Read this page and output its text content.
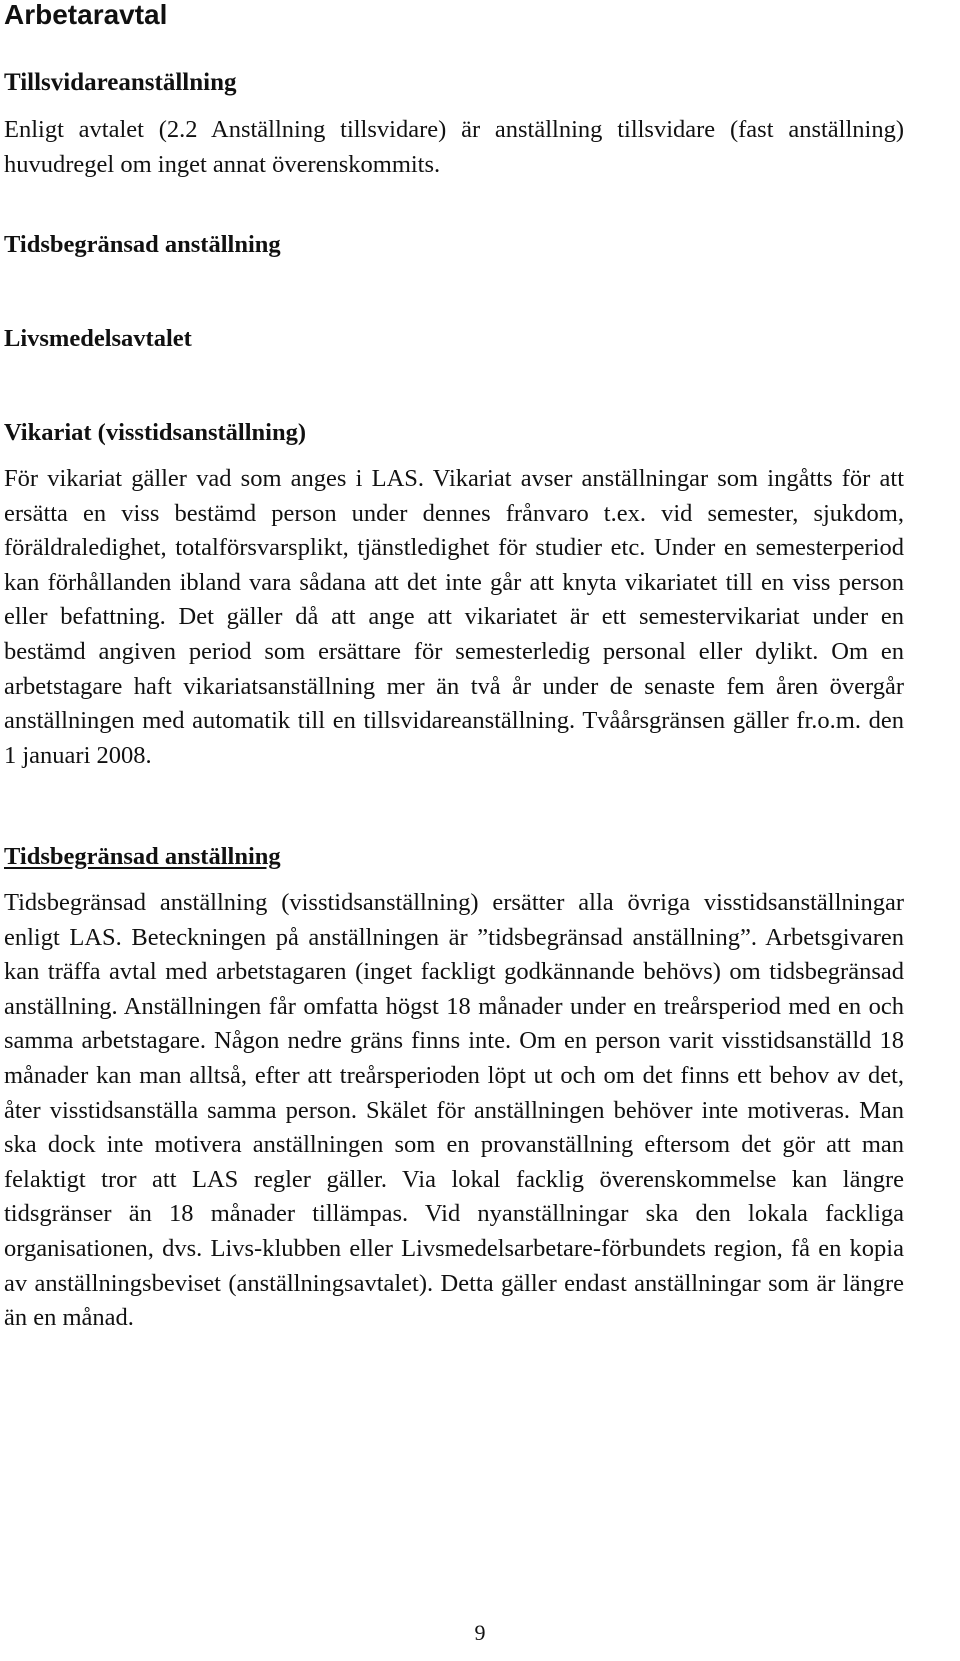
Arbetaravtal
Tillsvidareanställning

Enligt avtalet (2.2 Anställning tillsvidare) är anställning tillsvidare (fast anställning) huvudregel om inget annat överenskommits.

Tidsbegränsad anställning
Livsmedelsavtalet
Vikariat (visstidsanställning)

För vikariat gäller vad som anges i LAS. Vikariat avser anställningar som ingåtts för att ersätta en viss bestämd person under dennes frånvaro t.ex. vid semester, sjukdom, föräldraledighet, totalförsvarsplikt, tjänstledighet för studier etc. Under en semesterperiod kan förhållanden ibland vara sådana att det inte går att knyta vikariatet till en viss person eller befattning. Det gäller då att ange att vikariatet är ett semestervikariat under en bestämd angiven period som ersättare för semesterledig personal eller dylikt. Om en arbetstagare haft vikariatsanställning mer än två år under de senaste fem åren övergår anställningen med automatik till en tillsvidareanställning. Tvåårsgränsen gäller fr.o.m. den 1 januari 2008.

Tidsbegränsad anställning

Tidsbegränsad anställning (visstidsanställning) ersätter alla övriga visstidsanställningar enligt LAS. Beteckningen på anställningen är ”tidsbegränsad anställning”. Arbetsgivaren kan träffa avtal med arbetstagaren (inget fackligt godkännande behövs) om tidsbegränsad anställning. Anställningen får omfatta högst 18 månader under en treårsperiod med en och samma arbetstagare. Någon nedre gräns finns inte. Om en person varit visstidsanställd 18 månader kan man alltså, efter att treårsperioden löpt ut och om det finns ett behov av det, åter visstidsanställa samma person. Skälet för anställningen behöver inte motiveras. Man ska dock inte motivera anställningen som en provanställning eftersom det gör att man felaktigt tror att LAS regler gäller. Via lokal facklig överenskommelse kan längre tidsgränser än 18 månader tillämpas. Vid nyanställningar ska den lokala fackliga organisationen, dvs. Livs-klubben eller Livsmedelsarbetare-förbundets region, få en kopia av anställningsbeviset (anställningsavtalet). Detta gäller endast anställningar som är längre än en månad.

9
